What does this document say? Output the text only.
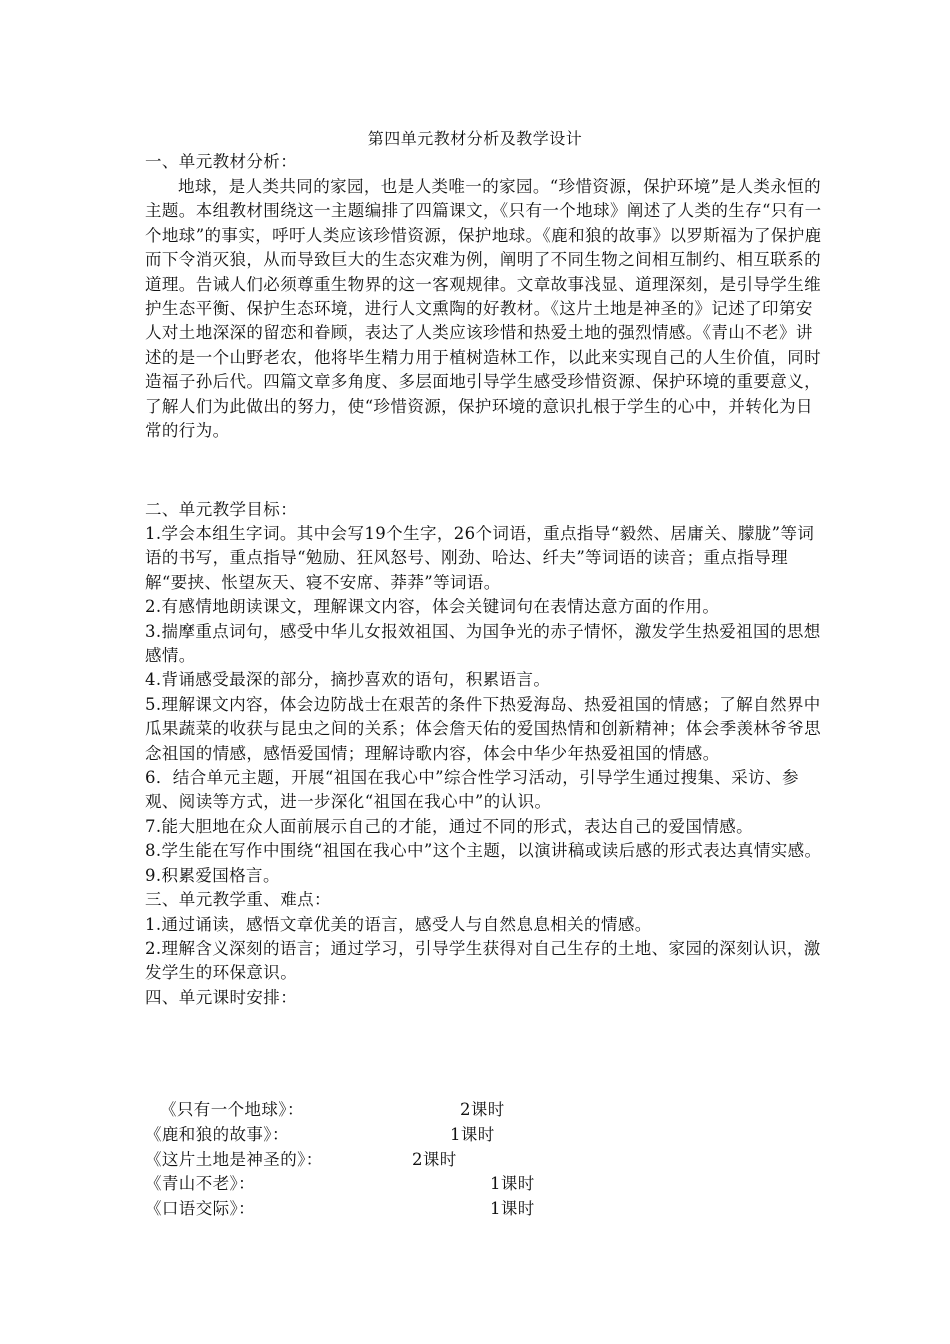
第四单元教材分析及教学设计
一、单元教材分析：

地球，是人类共同的家园，也是人类唯一的家园。“珍惜资源，保护环境”是人类永恒的主题。本组教材围绕这一主题编排了四篇课文，《只有一个地球》阐述了人类的生存“只有一个地球”的事实，呼吁人类应该珍惜资源，保护地球。《鹿和狼的故事》以罗斯福为了保护鹿而下令消灭狼，从而导致巨大的生态灾难为例，阐明了不同生物之间相互制约、相互联系的道理。告诫人们必须尊重生物界的这一客观规律。文章故事浅显、道理深刻，是引导学生维护生态平衡、保护生态环境，进行人文熏陶的好教材。《这片土地是神圣的》记述了印第安人对土地深深的留恋和眷顾，表达了人类应该珍惜和热爱土地的强烈情感。《青山不老》讲述的是一个山野老农，他将毕生精力用于植树造林工作，以此来实现自己的人生价值，同时造福子孙后代。四篇文章多角度、多层面地引导学生感受珍惜资源、保护环境的重要意义，了解人们为此做出的努力，使“珍惜资源，保护环境的意识扎根于学生的心中，并转化为日常的行为。

二、单元教学目标：

1.学会本组生字词。其中会写19个生字，26个词语，重点指导“毅然、居庸关、朦胧”等词语的书写，重点指导“勉励、狂风怒号、刚劲、哈达、纤夫”等词语的读音；重点指导理解“要挟、怅望灰天、寝不安席、莽莽”等词语。

2.有感情地朗读课文，理解课文内容，体会关键词句在表情达意方面的作用。

3.揣摩重点词句，感受中华儿女报效祖国、为国争光的赤子情怀，激发学生热爱祖国的思想感情。

4.背诵感受最深的部分，摘抄喜欢的语句，积累语言。

5.理解课文内容，体会边防战士在艰苦的条件下热爱海岛、热爱祖国的情感；了解自然界中瓜果蔬菜的收获与昆虫之间的关系；体会詹天佑的爱国热情和创新精神；体会季羡林爷爷思念祖国的情感，感悟爱国情；理解诗歌内容，体会中华少年热爱祖国的情感。

6．结合单元主题，开展“祖国在我心中”综合性学习活动，引导学生通过搜集、采访、参观、阅读等方式，进一步深化“祖国在我心中”的认识。

7.能大胆地在众人面前展示自己的才能，通过不同的形式，表达自己的爱国情感。

8.学生能在写作中围绕“祖国在我心中”这个主题，以演讲稿或读后感的形式表达真情实感。

9.积累爱国格言。

三、单元教学重、难点：

1.通过诵读，感悟文章优美的语言，感受人与自然息息相关的情感。

2.理解含义深刻的语言；通过学习，引导学生获得对自己生存的土地、家园的深刻认识，激发学生的环保意识。

四、单元课时安排：
《只有一个地球》：	2课时
《鹿和狼的故事》：	1课时
《这片土地是神圣的》：	2课时
《青山不老》：	1课时
《口语交际》：	1课时
